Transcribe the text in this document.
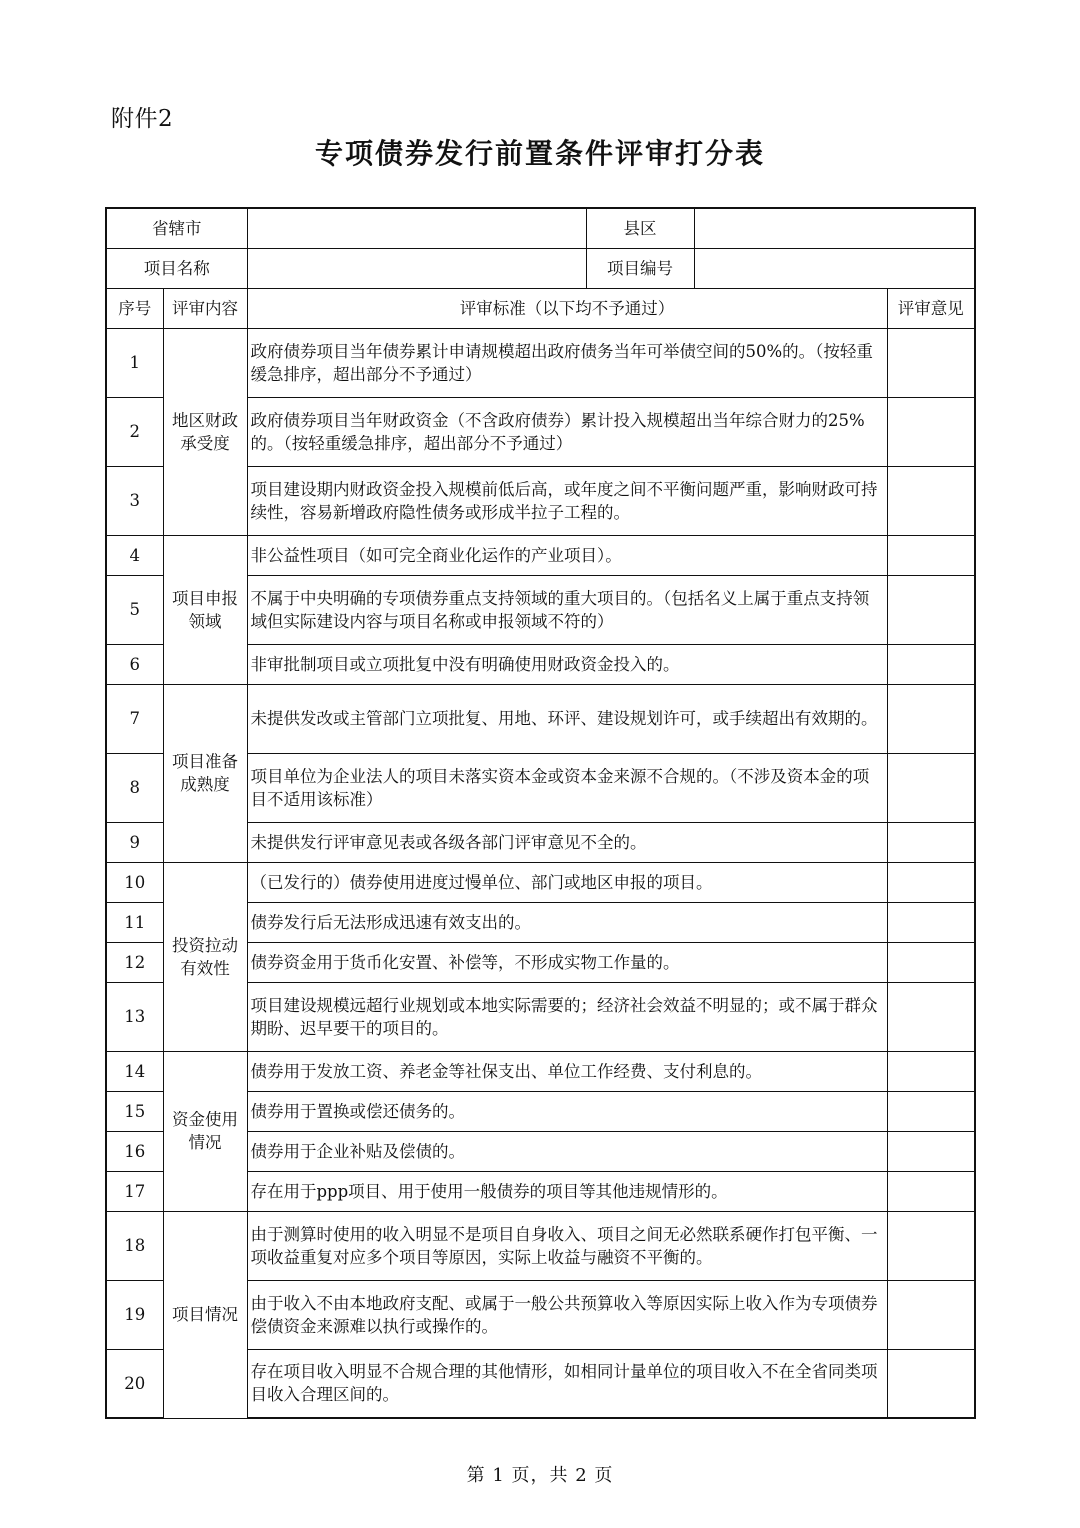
附件2
专项债券发行前置条件评审打分表
省辖市			县区		
项目名称			项目编号		
序号	评审内容	评审标准（以下均不予通过）			评审意见
1	地区财政承受度	政府债券项目当年债券累计申请规模超出政府债务当年可举债空间的50%的。（按轻重缓急排序，超出部分不予通过）			
2		政府债券项目当年财政资金（不含政府债券）累计投入规模超出当年综合财力的25%的。（按轻重缓急排序，超出部分不予通过）			
3		项目建设期内财政资金投入规模前低后高，或年度之间不平衡问题严重，影响财政可持续性，容易新增政府隐性债务或形成半拉子工程的。			
4	项目申报领域	非公益性项目（如可完全商业化运作的产业项目）。			
5		不属于中央明确的专项债券重点支持领域的重大项目的。（包括名义上属于重点支持领域但实际建设内容与项目名称或申报领域不符的）			
6		非审批制项目或立项批复中没有明确使用财政资金投入的。			
7	项目准备成熟度	未提供发改或主管部门立项批复、用地、环评、建设规划许可，或手续超出有效期的。			
8		项目单位为企业法人的项目未落实资本金或资本金来源不合规的。（不涉及资本金的项目不适用该标准）			
9		未提供发行评审意见表或各级各部门评审意见不全的。			
10	投资拉动有效性	（已发行的）债券使用进度过慢单位、部门或地区申报的项目。			
11		债券发行后无法形成迅速有效支出的。			
12		债券资金用于货币化安置、补偿等，不形成实物工作量的。			
13		项目建设规模远超行业规划或本地实际需要的；经济社会效益不明显的；或不属于群众期盼、迟早要干的项目的。			
14	资金使用情况	债券用于发放工资、养老金等社保支出、单位工作经费、支付利息的。			
15		债券用于置换或偿还债务的。			
16		债券用于企业补贴及偿债的。			
17		存在用于ppp项目、用于使用一般债券的项目等其他违规情形的。			
18	项目情况	由于测算时使用的收入明显不是项目自身收入、项目之间无必然联系硬作打包平衡、一项收益重复对应多个项目等原因，实际上收益与融资不平衡的。			
19		由于收入不由本地政府支配、或属于一般公共预算收入等原因实际上收入作为专项债券偿债资金来源难以执行或操作的。			
20		存在项目收入明显不合规合理的其他情形，如相同计量单位的项目收入不在全省同类项目收入合理区间的。			
第 1 页，共 2 页
